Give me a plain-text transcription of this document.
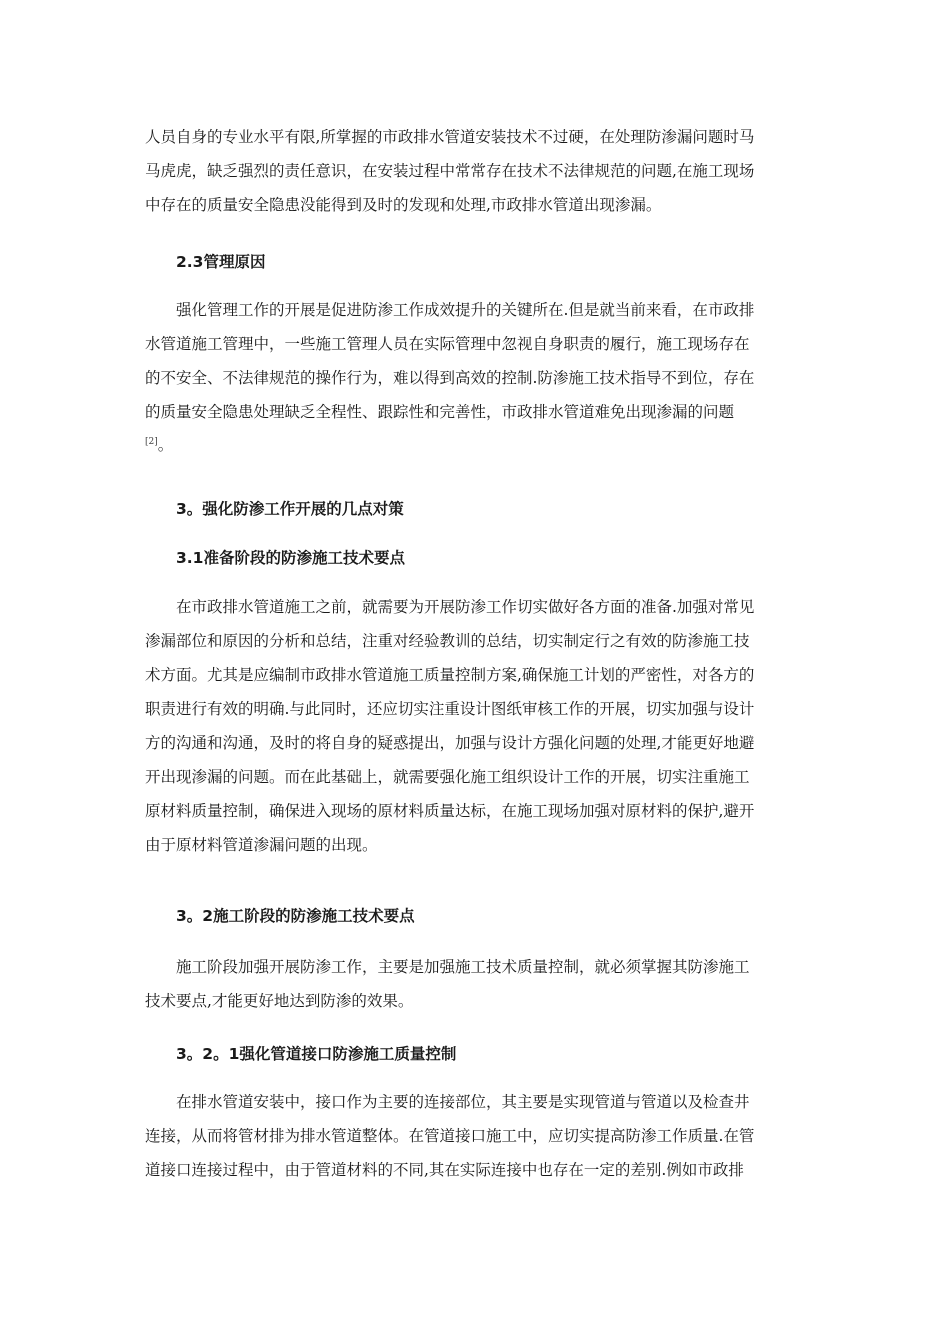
人员自身的专业水平有限,所掌握的市政排水管道安装技术不过硬，在处理防渗漏问题时马
马虎虎，缺乏强烈的责任意识，在安装过程中常常存在技术不法律规范的问题,在施工现场
中存在的质量安全隐患没能得到及时的发现和处理,市政排水管道出现渗漏。
2.3管理原因
强化管理工作的开展是促进防渗工作成效提升的关键所在.但是就当前来看，在市政排
水管道施工管理中，一些施工管理人员在实际管理中忽视自身职责的履行，施工现场存在
的不安全、不法律规范的操作行为，难以得到高效的控制.防渗施工技术指导不到位，存在
的质量安全隐患处理缺乏全程性、跟踪性和完善性，市政排水管道难免出现渗漏的问题
[2]。
3。强化防渗工作开展的几点对策
3.1准备阶段的防渗施工技术要点
在市政排水管道施工之前，就需要为开展防渗工作切实做好各方面的准备.加强对常见
渗漏部位和原因的分析和总结，注重对经验教训的总结，切实制定行之有效的防渗施工技
术方面。尤其是应编制市政排水管道施工质量控制方案,确保施工计划的严密性，对各方的
职责进行有效的明确.与此同时，还应切实注重设计图纸审核工作的开展，切实加强与设计
方的沟通和沟通，及时的将自身的疑惑提出，加强与设计方强化问题的处理,才能更好地避
开出现渗漏的问题。而在此基础上，就需要强化施工组织设计工作的开展，切实注重施工
原材料质量控制，确保进入现场的原材料质量达标，在施工现场加强对原材料的保护,避开
由于原材料管道渗漏问题的出现。
3。2施工阶段的防渗施工技术要点
施工阶段加强开展防渗工作，主要是加强施工技术质量控制，就必须掌握其防渗施工
技术要点,才能更好地达到防渗的效果。
3。2。1强化管道接口防渗施工质量控制
在排水管道安装中，接口作为主要的连接部位，其主要是实现管道与管道以及检查井
连接，从而将管材排为排水管道整体。在管道接口施工中，应切实提高防渗工作质量.在管
道接口连接过程中，由于管道材料的不同,其在实际连接中也存在一定的差别.例如市政排
